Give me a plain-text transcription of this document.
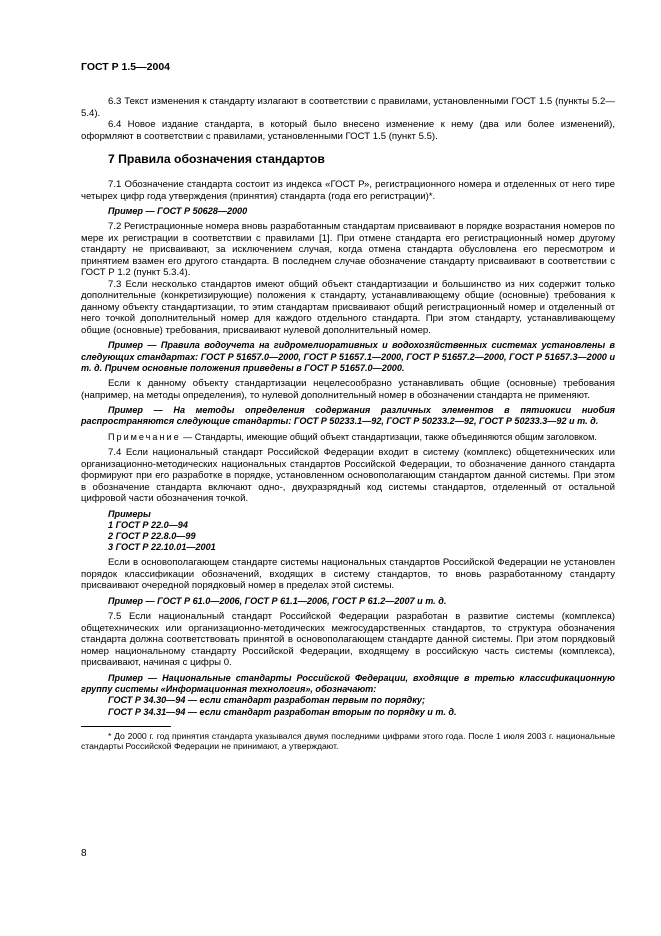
ГОСТ Р 1.5—2004

6.3 Текст изменения к стандарту излагают в соответствии с правилами, установленными ГОСТ 1.5 (пункты 5.2—5.4).

6.4 Новое издание стандарта, в который было внесено изменение к нему (два или более изменений), оформляют в соответствии с правилами, установленными ГОСТ 1.5 (пункт 5.5).

7 Правила обозначения стандартов

7.1 Обозначение стандарта состоит из индекса «ГОСТ Р», регистрационного номера и отделенных от него тире четырех цифр года утверждения (принятия) стандарта (года его регистрации)*.

Пример — ГОСТ Р 50628—2000

7.2 Регистрационные номера вновь разработанным стандартам присваивают в порядке возрастания номеров по мере их регистрации в соответствии с правилами [1]. При отмене стандарта его регистрационный номер другому стандарту не присваивают, за исключением случая, когда отмена стандарта обусловлена его пересмотром и принятием взамен его другого стандарта. В последнем случае обозначение стандарту присваивают в соответствии с ГОСТ Р 1.2 (пункт 5.3.4).

7.3 Если несколько стандартов имеют общий объект стандартизации и большинство из них содержит только дополнительные (конкретизирующие) положения к стандарту, устанавливающему общие (основные) требования к данному объекту стандартизации, то этим стандартам присваивают общий регистрационный номер и отделенный от него точкой дополнительный номер для каждого отдельного стандарта. При этом стандарту, устанавливающему общие (основные) требования, присваивают нулевой дополнительный номер.

Пример — Правила водоучета на гидромелиоративных и водохозяйственных системах установлены в следующих стандартах: ГОСТ Р 51657.0—2000, ГОСТ Р 51657.1—2000, ГОСТ Р 51657.2—2000, ГОСТ Р 51657.3—2000 и т. д. Причем основные положения приведены в ГОСТ Р 51657.0—2000.

Если к данному объекту стандартизации нецелесообразно устанавливать общие (основные) требования (например, на методы определения), то нулевой дополнительный номер в обозначении стандарта не применяют.

Пример — На методы определения содержания различных элементов в пятиокиси ниобия распространяются следующие стандарты: ГОСТ Р 50233.1—92, ГОСТ Р 50233.2—92, ГОСТ Р 50233.3—92 и т. д.

Примечание — Стандарты, имеющие общий объект стандартизации, также объединяются общим заголовком.

7.4 Если национальный стандарт Российской Федерации входит в систему (комплекс) общетехнических или организационно-методических национальных стандартов Российской Федерации, то обозначение данного стандарта формируют при его разработке в порядке, установленном основополагающим стандартом данной системы. При этом в обозначение стандарта включают одно-, двухразрядный код системы стандартов, отделенный от остальной цифровой части обозначения точкой.

Примеры
1 ГОСТ Р 22.0—94
2 ГОСТ Р 22.8.0—99
3 ГОСТ Р 22.10.01—2001

Если в основополагающем стандарте системы национальных стандартов Российской Федерации не установлен порядок классификации обозначений, входящих в систему стандартов, то вновь разработанному стандарту присваивают очередной порядковый номер в пределах этой системы.

Пример — ГОСТ Р 61.0—2006, ГОСТ Р 61.1—2006, ГОСТ Р 61.2—2007 и т. д.

7.5 Если национальный стандарт Российской Федерации разработан в развитие системы (комплекса) общетехнических или организационно-методических межгосударственных стандартов, то структура обозначения стандарта должна соответствовать принятой в основополагающем стандарте данной системы. При этом порядковый номер национальному стандарту Российской Федерации, входящему в российскую часть системы (комплекса), присваивают, начиная с цифры 0.

Пример — Национальные стандарты Российской Федерации, входящие в третью классификационную группу системы «Информационная технология», обозначают:

ГОСТ Р 34.30—94 — если стандарт разработан первым по порядку;
ГОСТ Р 34.31—94 — если стандарт разработан вторым по порядку и т. д.

* До 2000 г. год принятия стандарта указывался двумя последними цифрами этого года. После 1 июля 2003 г. национальные стандарты Российской Федерации не принимают, а утверждают.

8
